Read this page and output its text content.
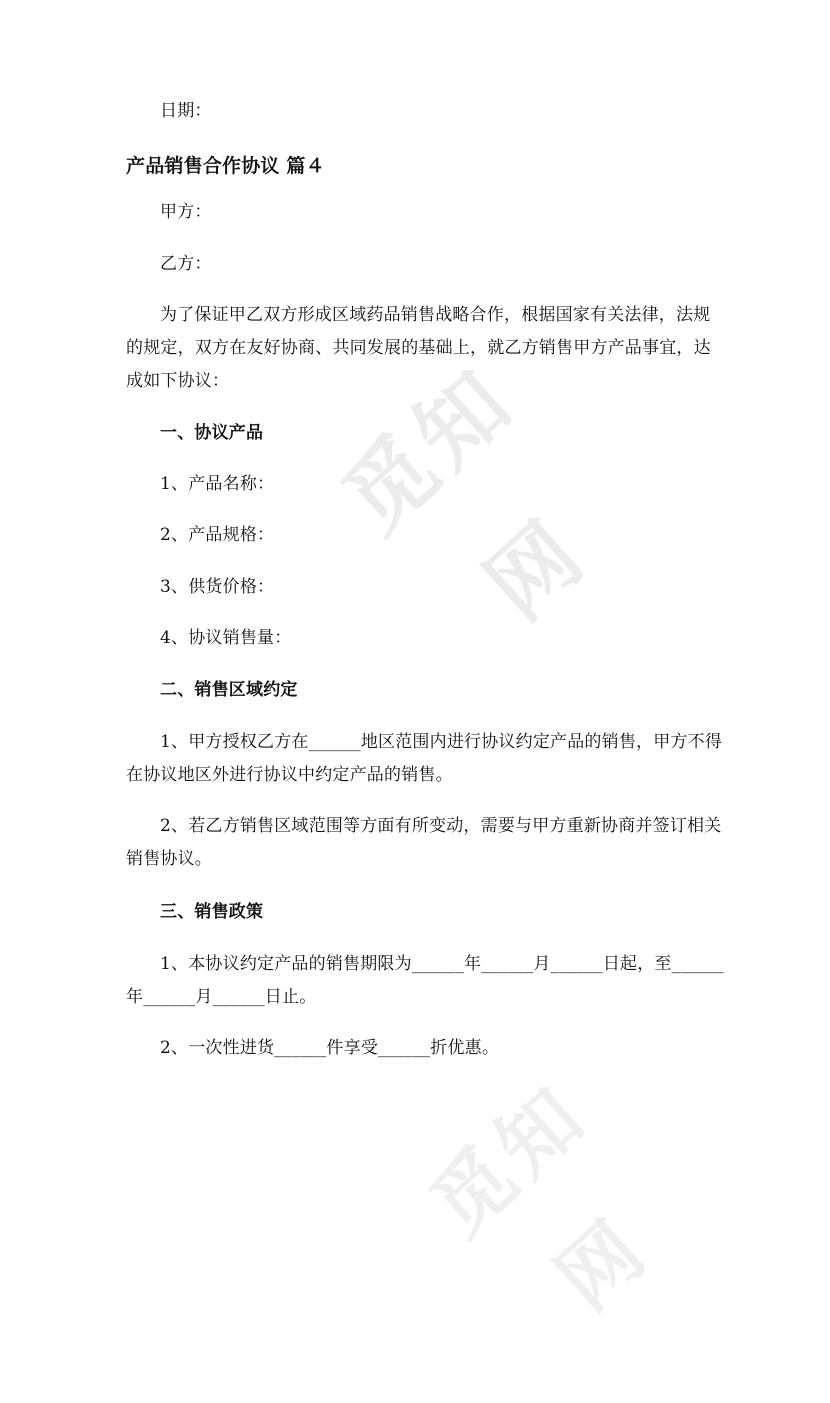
觅知网
觅知网
日期：
产品销售合作协议 篇４
甲方：
乙方：
为了保证甲乙双方形成区域药品销售战略合作，根据国家有关法律，法规
的规定，双方在友好协商、共同发展的基础上，就乙方销售甲方产品事宜，达
成如下协议：
一、协议产品
1、产品名称：
2、产品规格：
3、供货价格：
4、协议销售量：
二、销售区域约定
1、甲方授权乙方在______地区范围内进行协议约定产品的销售，甲方不得
在协议地区外进行协议中约定产品的销售。
2、若乙方销售区域范围等方面有所变动，需要与甲方重新协商并签订相关
销售协议。
三、销售政策
1、本协议约定产品的销售期限为______年______月______日起，至______
年______月______日止。
2、一次性进货______件享受______折优惠。
